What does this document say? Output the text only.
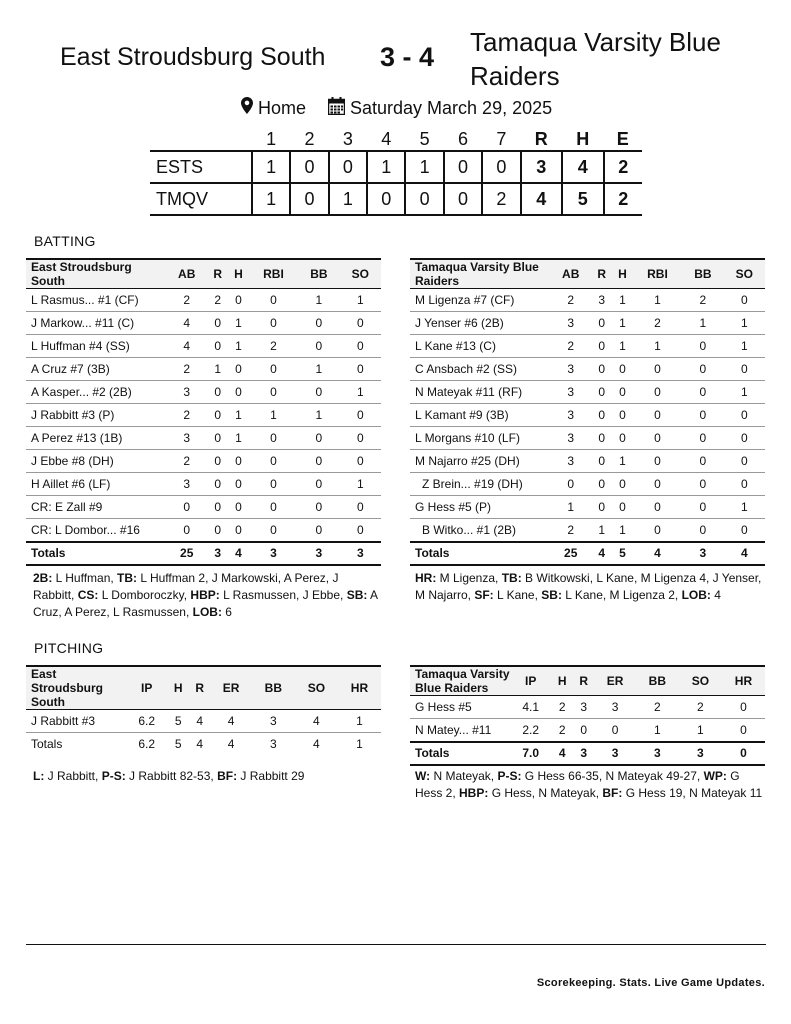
East Stroudsburg South 3 - 4 Tamaqua Varsity Blue Raiders
Home Saturday March 29, 2025
	1	2	3	4	5	6	7	R	H	E
ESTS	1	0	0	1	1	0	0	3	4	2
TMQV	1	0	1	0	0	0	2	4	5	2
BATTING
East Stroudsburg South	AB	R	H	RBI	BB	SO
L Rasmus... #1 (CF)	2	2	0	0	1	1
J Markow... #11 (C)	4	0	1	0	0	0
L Huffman #4 (SS)	4	0	1	2	0	0
A Cruz #7 (3B)	2	1	0	0	1	0
A Kasper... #2 (2B)	3	0	0	0	0	1
J Rabbitt #3 (P)	2	0	1	1	1	0
A Perez #13 (1B)	3	0	1	0	0	0
J Ebbe #8 (DH)	2	0	0	0	0	0
H Aillet #6 (LF)	3	0	0	0	0	1
CR: E Zall #9	0	0	0	0	0	0
CR: L Dombor... #16	0	0	0	0	0	0
Totals	25	3	4	3	3	3
Tamaqua Varsity Blue Raiders	AB	R	H	RBI	BB	SO
M Ligenza #7 (CF)	2	3	1	1	2	0
J Yenser #6 (2B)	3	0	1	2	1	1
L Kane #13 (C)	2	0	1	1	0	1
C Ansbach #2 (SS)	3	0	0	0	0	0
N Mateyak #11 (RF)	3	0	0	0	0	1
L Kamant #9 (3B)	3	0	0	0	0	0
L Morgans #10 (LF)	3	0	0	0	0	0
M Najarro #25 (DH)	3	0	1	0	0	0
Z Brein... #19 (DH)	0	0	0	0	0	0
G Hess #5 (P)	1	0	0	0	0	1
B Witko... #1 (2B)	2	1	1	0	0	0
Totals	25	4	5	4	3	4
2B: L Huffman, TB: L Huffman 2, J Markowski, A Perez, J Rabbitt, CS: L Domboroczky, HBP: L Rasmussen, J Ebbe, SB: A Cruz, A Perez, L Rasmussen, LOB: 6
HR: M Ligenza, TB: B Witkowski, L Kane, M Ligenza 4, J Yenser, M Najarro, SF: L Kane, SB: L Kane, M Ligenza 2, LOB: 4
PITCHING
East Stroudsburg South	IP	H	R	ER	BB	SO	HR
J Rabbitt #3	6.2	5	4	4	3	4	1
Totals	6.2	5	4	4	3	4	1
Tamaqua Varsity Blue Raiders	IP	H	R	ER	BB	SO	HR
G Hess #5	4.1	2	3	3	2	2	0
N Matey... #11	2.2	2	0	0	1	1	0
Totals	7.0	4	3	3	3	3	0
L: J Rabbitt, P-S: J Rabbitt 82-53, BF: J Rabbitt 29	W: N Mateyak, P-S: G Hess 66-35, N Mateyak 49-27, WP: G Hess 2, HBP: G Hess, N Mateyak, BF: G Hess 19, N Mateyak 11
Scorekeeping. Stats. Live Game Updates.
